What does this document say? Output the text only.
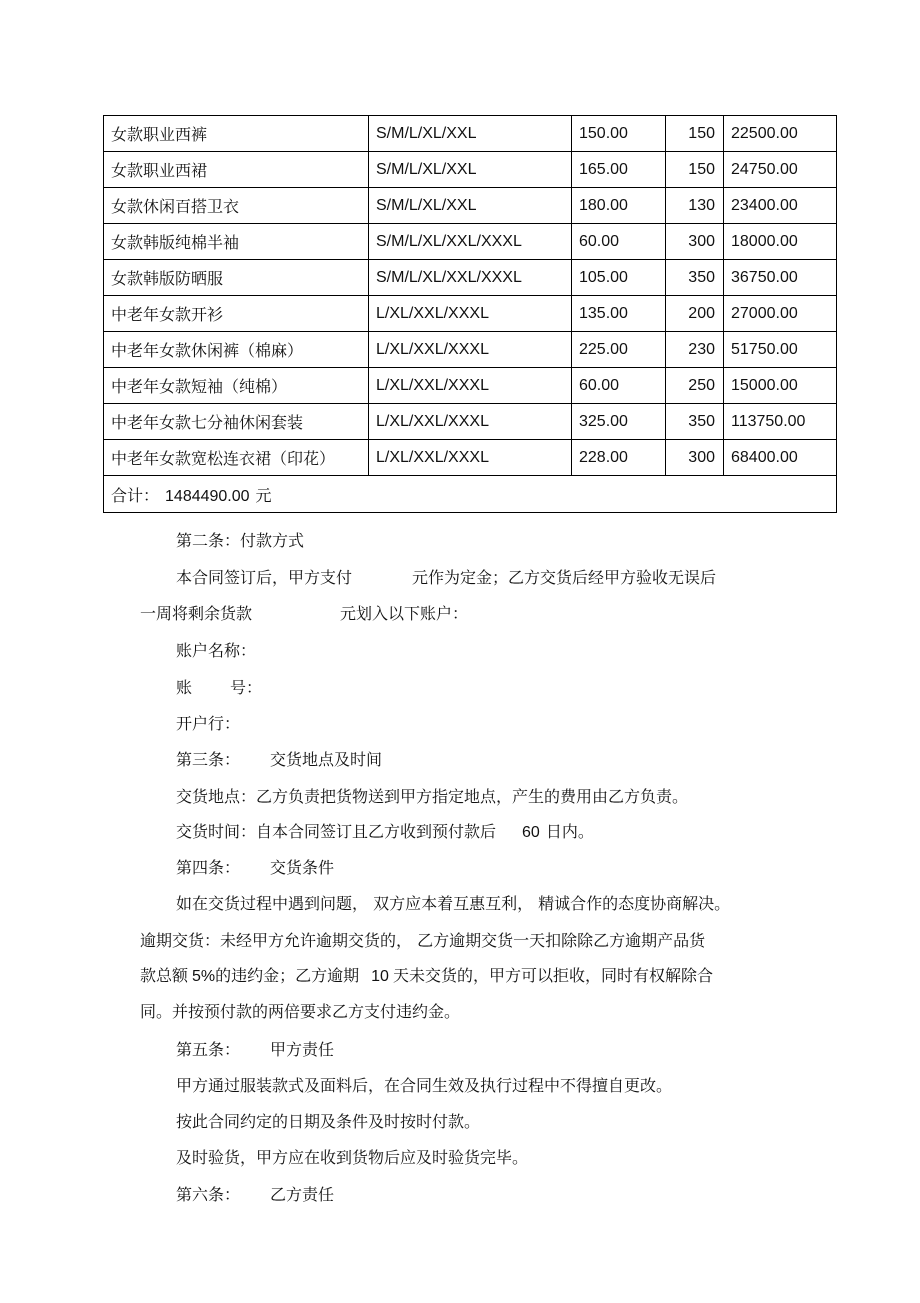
女款职业西裤	S/M/L/XL/XXL	150.00	150	22500.00
女款职业西裙	S/M/L/XL/XXL	165.00	150	24750.00
女款休闲百搭卫衣	S/M/L/XL/XXL	180.00	130	23400.00
女款韩版纯棉半袖	S/M/L/XL/XXL/XXXL	60.00	300	18000.00
女款韩版防晒服	S/M/L/XL/XXL/XXXL	105.00	350	36750.00
中老年女款开衫	L/XL/XXL/XXXL	135.00	200	27000.00
中老年女款休闲裤（棉麻）	L/XL/XXL/XXXL	225.00	230	51750.00
中老年女款短袖（纯棉）	L/XL/XXL/XXXL	60.00	250	15000.00
中老年女款七分袖休闲套装	L/XL/XXL/XXXL	325.00	350	113750.00
中老年女款宽松连衣裙（印花）	L/XL/XXL/XXXL	228.00	300	68400.00
合计： 1484490.00 元				
第二条：付款方式
本合同签订后，甲方支付	元作为定金；乙方交货后经甲方验收无误后
一周将剩余货款	元划入以下账户：
账户名称：
账 号：
开户行：
第三条： 交货地点及时间
交货地点：乙方负责把货物送到甲方指定地点，产生的费用由乙方负责。
交货时间：自本合同签订且乙方收到预付款后 60 日内。
第四条： 交货条件
如在交货过程中遇到问题， 双方应本着互惠互利， 精诚合作的态度协商解决。
逾期交货：未经甲方允许逾期交货的， 乙方逾期交货一天扣除除乙方逾期产品货
款总额 5%的违约金；乙方逾期 10 天未交货的，甲方可以拒收，同时有权解除合
同。并按预付款的两倍要求乙方支付违约金。
第五条： 甲方责任
甲方通过服装款式及面料后，在合同生效及执行过程中不得擅自更改。
按此合同约定的日期及条件及时按时付款。
及时验货，甲方应在收到货物后应及时验货完毕。
第六条： 乙方责任
